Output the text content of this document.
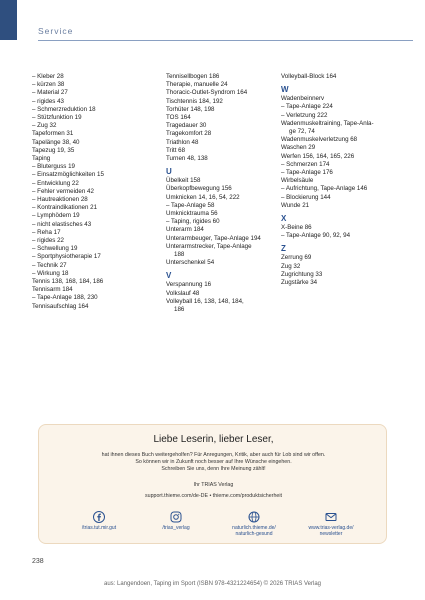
Service
– Kleber 28
– kürzen 38
– Material 27
– rigides 43
– Schmerzreduktion 18
– Stützfunktion 19
– Zug 32
Tapeformen 31
Tapelänge 38, 40
Tapezug 19, 35
Taping
– Bluterguss 19
– Einsatzmöglichkeiten 15
– Entwicklung 22
– Fehler vermeiden 42
– Hautreaktionen 28
– Kontraindikationen 21
– Lymphödem 19
– nicht elastisches 43
– Reha 17
– rigides 22
– Schwellung 19
– Sportphysiotherapie 17
– Technik 27
– Wirkung 18
Tennis 138, 168, 184, 186
Tennisarm 184
– Tape-Anlage 188, 230
Tennisaufschlag 164
Tennisellbogen 186
Therapie, manuelle 24
Thoracic-Outlet-Syndrom 164
Tischtennis 184, 192
Torhüter 148, 198
TOS 164
Tragedauer 30
Tragekomfort 28
Triathlon 48
Tritt 68
Turnen 48, 138
U
Übelkeit 158
Überkopfbewegung 156
Umknicken 14, 16, 54, 222
– Tape-Anlage 58
Umknicktrauma 56
– Taping, rigides 60
Unterarm 184
Unterarmbeuger, Tape-Anlage 194
Unterarmstrecker, Tape-Anlage
188
Unterschenkel 54
V
Verspannung 16
Volkslauf 48
Volleyball 16, 138, 148, 184,
186
Volleyball-Block 164
W
Wadenbeinnerv
– Tape-Anlage 224
– Verletzung 222
Wadenmuskeltraining, Tape-Anla-
ge 72, 74
Wadenmuskelverletzung 68
Waschen 29
Werfen 156, 164, 165, 226
– Schmerzen 174
– Tape-Anlage 176
Wirbelsäule
– Aufrichtung, Tape-Anlage 146
– Blockierung 144
Wunde 21
X
X-Beine 86
– Tape-Anlage 90, 92, 94
Z
Zerrung 69
Zug 32
Zugrichtung 33
Zugstärke 34
Liebe Leserin, lieber Leser,
hat ihnen dieses Buch weitergeholfen? Für Anregungen, Kritik, aber auch für Lob sind wir offen.
So können wir in Zukunft noch besser auf Ihre Wünsche eingehen.
Schreiben Sie uns, denn Ihre Meinung zählt!
Ihr TRIAS Verlag
support.thieme.com/de-DE • thieme.com/produktsicherheit
/trias.tut.mir.gut	/trias_verlag	naturlich.thieme.de/
naturlich-gesund
www.trias-verlag.de/
newsletter
238
aus: Langendoen, Taping im Sport (ISBN 978-4321224654) © 2026 TRIAS Verlag
